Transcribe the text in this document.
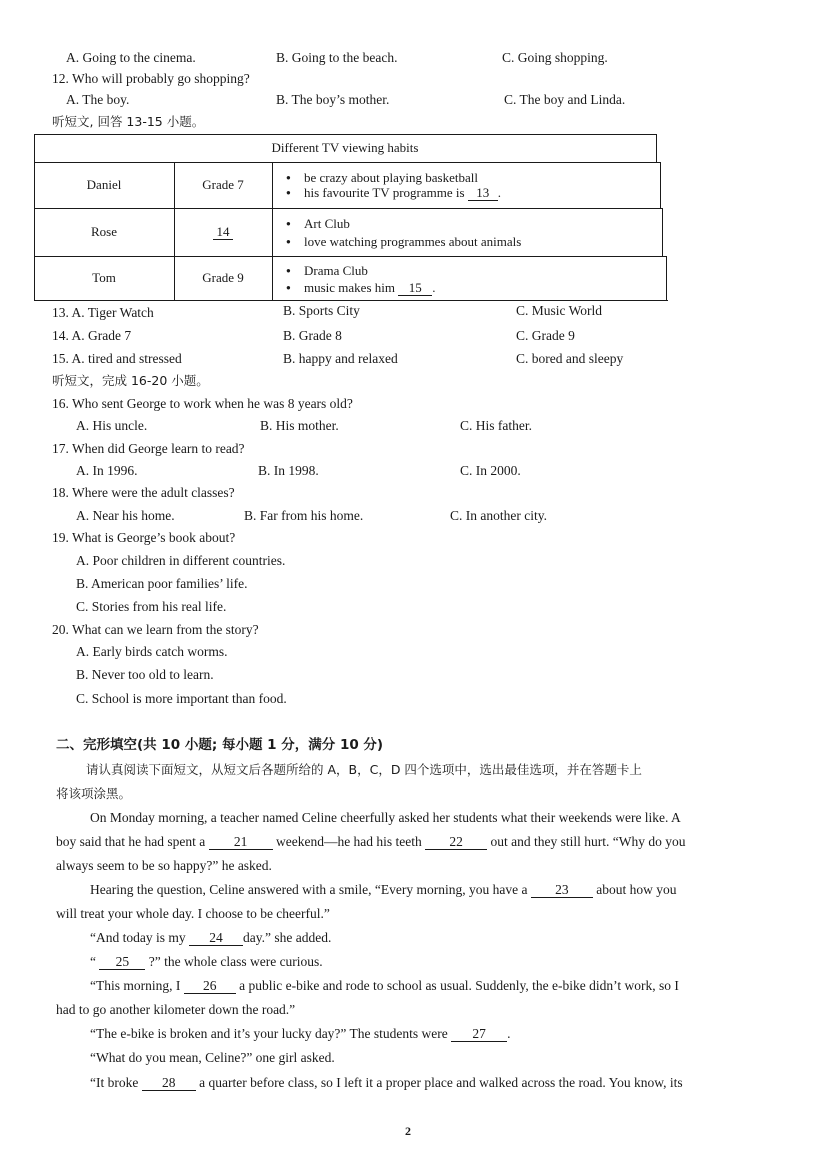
A. Going to the cinema.	B. Going to the beach.	C. Going shopping.
12. Who will probably go shopping?
A. The boy.	B. The boy’s mother.	C. The boy and Linda.
听短文, 回答 13-15 小题。
Different TV viewing habits
Daniel	Grade 7	● be crazy about playing basketball
● his favourite TV programme is 13 .
Rose	14	● Art Club
● love watching programmes about animals
Tom	Grade 9	● Drama Club
● music makes him 15 .
13. A. Tiger Watch	B. Sports City	C. Music World
14. A. Grade 7	B. Grade 8	C. Grade 9
15. A. tired and stressed	B. happy and relaxed	C. bored and sleepy
听短文，完成 16-20 小题。
16. Who sent George to work when he was 8 years old?
A. His uncle.	B. His mother.	C. His father.
17. When did George learn to read?
A. In 1996.	B. In 1998.	C. In 2000.
18. Where were the adult classes?
A. Near his home.	B. Far from his home.	C. In another city.
19. What is George’s book about?
A. Poor children in different countries.
B. American poor families’ life.
C. Stories from his real life.
20. What can we learn from the story?
A. Early birds catch worms.
B. Never too old to learn.
C. School is more important than food.
二、完形填空(共 10 小题; 每小题 1 分，满分 10 分)
请认真阅读下面短文，从短文后各题所给的 A，B，C，D 四个选项中，选出最佳选项，并在答题卡上
将该项涂黑。
On Monday morning, a teacher named Celine cheerfully asked her students what their weekends were like. A
boy said that he had spent a 21 weekend—he had his teeth 22 out and they still hurt. “Why do you
always seem to be so happy?” he asked.
Hearing the question, Celine answered with a smile, “Every morning, you have a 23 about how you
will treat your whole day. I choose to be cheerful.”
“And today is my 24 day.” she added.
“ 25 ?” the whole class were curious.
“This morning, I 26 a public e-bike and rode to school as usual. Suddenly, the e-bike didn’t work, so I
had to go another kilometer down the road.”
“The e-bike is broken and it’s your lucky day?” The students were 27 .
“What do you mean, Celine?” one girl asked.
“It broke 28 a quarter before class, so I left it a proper place and walked across the road. You know, its
2
